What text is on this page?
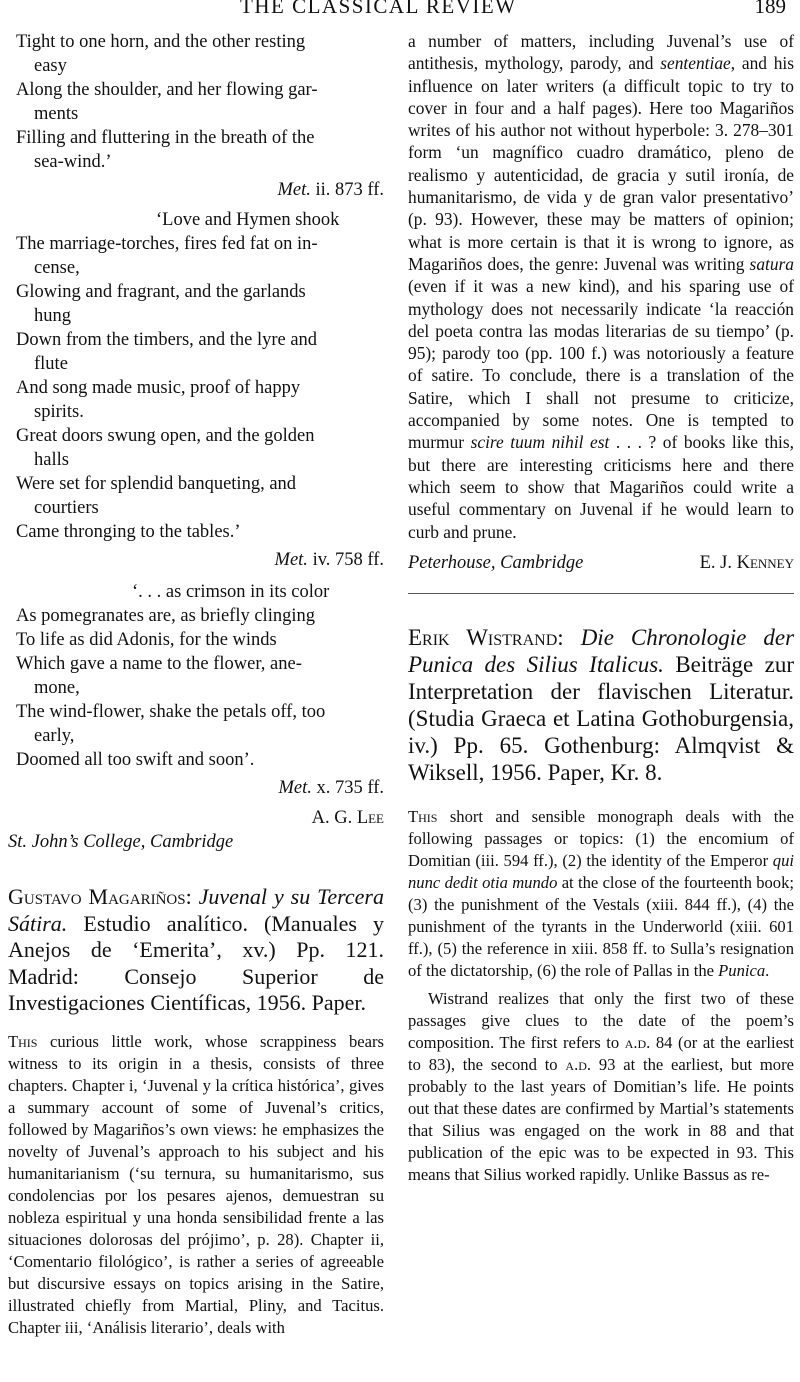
THE CLASSICAL REVIEW	189

Tight to one horn, and the other resting
easy

Along the shoulder, and her flowing gar-
ments

Filling and fluttering in the breath of the
sea-wind.’

Met. ii. 873 ff.
‘Love and Hymen shook

The marriage-torches, fires fed fat on in-
cense,

Glowing and fragrant, and the garlands
hung

Down from the timbers, and the lyre and
flute

And song made music, proof of happy
spirits.

Great doors swung open, and the golden
halls

Were set for splendid banqueting, and
courtiers

Came thronging to the tables.’

Met. iv. 758 ff.
‘. . . as crimson in its color

As pomegranates are, as briefly clinging

To life as did Adonis, for the winds

Which gave a name to the flower, ane-
mone,

The wind-flower, shake the petals off, too
early,

Doomed all too swift and soon’.

Met. x. 735 ff.
A. G. Lee
St. John’s College, Cambridge

Gustavo Magariños: Juvenal y su Tercera Sátira. Estudio analítico. (Manuales y Anejos de ‘Emerita’, xv.) Pp. 121. Madrid: Consejo Superior de Investigaciones Científicas, 1956. Paper.

This curious little work, whose scrappiness bears witness to its origin in a thesis, consists of three chapters. Chapter i, ‘Juvenal y la crítica histórica’, gives a summary account of some of Juvenal’s critics, followed by Magariños’s own views: he emphasizes the novelty of Juvenal’s approach to his subject and his humanitarianism (‘su ternura, su humanitarismo, sus condolencias por los pesares ajenos, demuestran su nobleza espiritual y una honda sensibilidad frente a las situaciones dolorosas del prójimo’, p. 28). Chapter ii, ‘Comentario filológico’, is rather a series of agreeable but discursive essays on topics arising in the Satire, illustrated chiefly from Martial, Pliny, and Tacitus. Chapter iii, ‘Análisis literario’, deals with

a number of matters, including Juvenal’s use of antithesis, mythology, parody, and sententiae, and his influence on later writers (a difficult topic to try to cover in four and a half pages). Here too Magariños writes of his author not without hyperbole: 3. 278–301 form ‘un magnífico cuadro dramático, pleno de realismo y autenticidad, de gracia y sutil ironía, de humanitarismo, de vida y de gran valor presentativo’ (p. 93). However, these may be matters of opinion; what is more certain is that it is wrong to ignore, as Magariños does, the genre: Juvenal was writing satura (even if it was a new kind), and his sparing use of mythology does not necessarily indicate ‘la reacción del poeta contra las modas literarias de su tiempo’ (p. 95); parody too (pp. 100 f.) was notoriously a feature of satire. To conclude, there is a translation of the Satire, which I shall not presume to criticize, accompanied by some notes. One is tempted to murmur scire tuum nihil est . . . ? of books like this, but there are interesting criticisms here and there which seem to show that Magariños could write a useful commentary on Juvenal if he would learn to curb and prune.

Peterhouse, Cambridge	E. J. Kenney

Erik Wistrand: Die Chronologie der Punica des Silius Italicus. Beiträge zur Interpretation der flavischen Literatur. (Studia Graeca et Latina Gothoburgensia, iv.) Pp. 65. Gothenburg: Almqvist & Wiksell, 1956. Paper, Kr. 8.

This short and sensible monograph deals with the following passages or topics: (1) the encomium of Domitian (iii. 594 ff.), (2) the identity of the Emperor qui nunc dedit otia mundo at the close of the fourteenth book; (3) the punishment of the Vestals (xiii. 844 ff.), (4) the punishment of the tyrants in the Underworld (xiii. 601 ff.), (5) the reference in xiii. 858 ff. to Sulla’s resignation of the dictatorship, (6) the role of Pallas in the Punica.

Wistrand realizes that only the first two of these passages give clues to the date of the poem’s composition. The first refers to a.d. 84 (or at the earliest to 83), the second to a.d. 93 at the earliest, but more probably to the last years of Domitian’s life. He points out that these dates are confirmed by Martial’s statements that Silius was engaged on the work in 88 and that publication of the epic was to be expected in 93. This means that Silius worked rapidly. Unlike Bassus as re-
